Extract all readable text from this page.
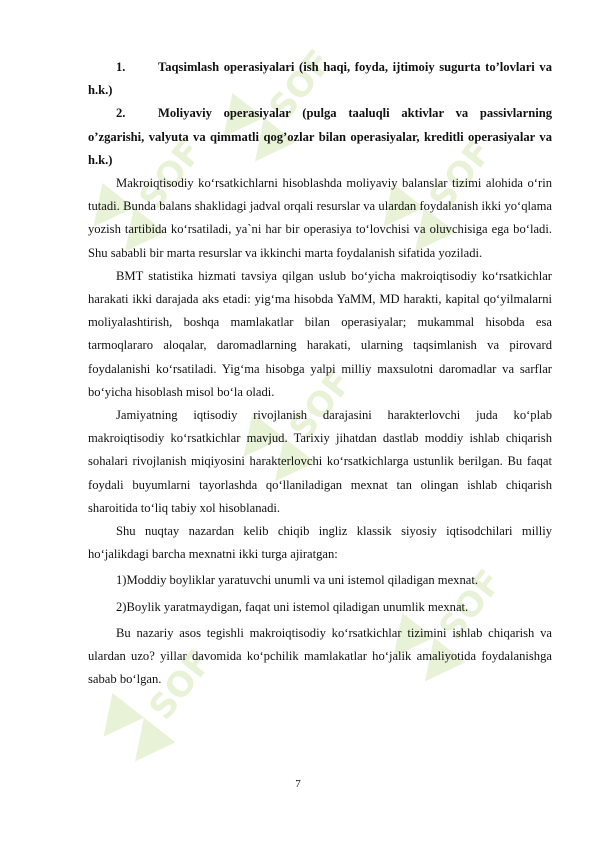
SOF
SOF
SOF
SOF
SOF
SOF

1.	Taqsimlash operasiyalari (ish haqi, foyda, ijtimoiy sugurta to’lovlari va h.k.)

2.	Moliyaviy operasiyalar (pulga taaluqli aktivlar va passivlarning o’zgarishi, valyuta va qimmatli qog’ozlar bilan operasiyalar, kreditli operasiyalar va h.k.)

Makroiqtisodiy ko‘rsatkichlarni hisoblashda moliyaviy balanslar tizimi alohida o‘rin tutadi. Bunda balans shaklidagi jadval orqali resurslar va ulardan foydalanish ikki yo‘qlama yozish tartibida ko‘rsatiladi, ya`ni har bir operasiya to‘lovchisi va oluvchisiga ega bo‘ladi. Shu sababli bir marta resurslar va ikkinchi marta foydalanish sifatida yoziladi.

BMT statistika hizmati tavsiya qilgan uslub bo‘yicha makroiqtisodiy ko‘rsatkichlar harakati ikki darajada aks etadi: yig‘ma hisobda YaMM, MD harakti, kapital qo‘yilmalarni moliyalashtirish, boshqa mamlakatlar bilan operasiyalar; mukammal hisobda esa tarmoqlararo aloqalar, daromadlarning harakati, ularning taqsimlanish va pirovard foydalanishi ko‘rsatiladi. Yig‘ma hisobga yalpi milliy maxsulotni daromadlar va sarflar bo‘yicha hisoblash misol bo‘la oladi.

Jamiyatning iqtisodiy rivojlanish darajasini harakterlovchi juda ko‘plab makroiqtisodiy ko‘rsatkichlar mavjud. Tarixiy jihatdan dastlab moddiy ishlab chiqarish sohalari rivojlanish miqiyosini harakterlovchi ko‘rsatkichlarga ustunlik berilgan. Bu faqat foydali buyumlarni tayorlashda qo‘llaniladigan mexnat tan olingan ishlab chiqarish sharoitida to‘liq tabiy xol hisoblanadi.

Shu nuqtay nazardan kelib chiqib ingliz klassik siyosiy iqtisodchilari milliy ho‘jalikdagi barcha mexnatni ikki turga ajiratgan:

1)Moddiy boyliklar yaratuvchi unumli va uni istemol qiladigan mexnat.

2)Boylik yaratmaydigan, faqat uni istemol qiladigan unumlik mexnat.

Bu nazariy asos tegishli makroiqtisodiy ko‘rsatkichlar tizimini ishlab chiqarish va ulardan uzo? yillar davomida ko‘pchilik mamlakatlar ho‘jalik amaliyotida foydalanishga sabab bo‘lgan.

7
